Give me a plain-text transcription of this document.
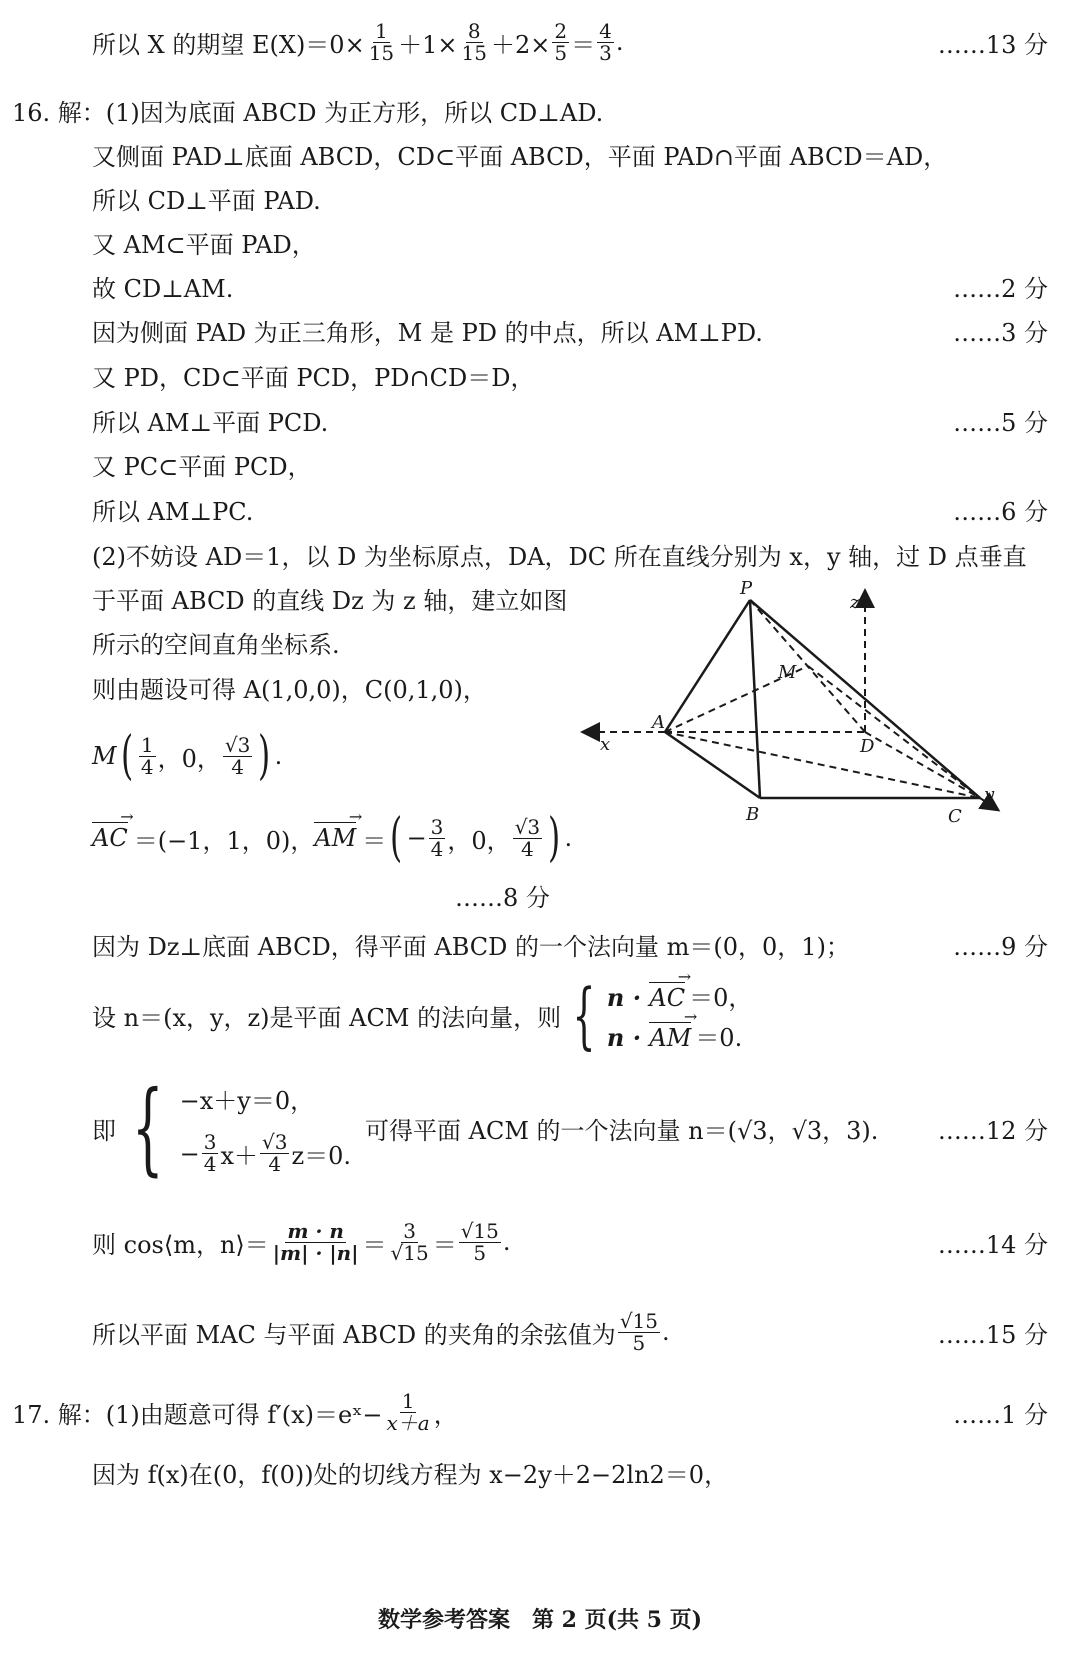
所以 X 的期望 $E(X)=0\times \frac{1}{15} +1\times \frac{8}{15} +2\times \frac{2}{5} = \frac{4}{3}$ .	……13 分
16. 解：(1)因为底面 ABCD 为正方形，所以 CD⊥AD.
又侧面 PAD⊥底面 ABCD，CD⊂平面 ABCD，平面 PAD∩平面 ABCD＝AD，
所以 CD⊥平面 PAD.
又 AM⊂平面 PAD，
故 CD⊥AM.	……2 分
因为侧面 PAD 为正三角形，M 是 PD 的中点，所以 AM⊥PD.	……3 分
又 PD，CD⊂平面 PCD，PD∩CD＝D，
所以 AM⊥平面 PCD.	……5 分
又 PC⊂平面 PCD，
所以 AM⊥PC.	……6 分
(2)不妨设 AD＝1，以 D 为坐标原点，DA，DC 所在直线分别为 x，y 轴，过 D 点垂直
于平面 ABCD 的直线 Dz 为 z 轴，建立如图
所示的空间直角坐标系.
则由题设可得 A(1,0,0)，C(0,1,0)，
M ( $\frac{1}{4}$ ，0， $\frac{√3}{4}$ ) .
→ AC ＝(−1，1，0)，
→ AM ＝ ( − $\frac{3}{4}$ ，0， $\frac{√3}{4}$ ) .
……8 分
因为 Dz⊥底面 ABCD，得平面 ABCD 的一个法向量 m＝(0，0，1)；	……9 分
设 n＝(x，y，z)是平面 ACM 的法向量，则 { n · → AC ＝0，
n · → AM ＝0.
即 { −x＋y＝0，
− $\frac{3}{4} x+ \frac{√3}{4} z=0$.
可得平面 ACM 的一个法向量 n＝(√3，√3，3). ……12 分
则 cos⟨m，n⟩＝ $\frac{m \cdot n}{|m| \cdot |n|} = \frac{3}{√15} = \frac{√15}{5}$ .	……14 分
所以平面 MAC 与平面 ABCD 的夹角的余弦值为 $\frac{√15}{5}$ .	……15 分
17. 解：(1)由题意可得 f′(x)＝eˣ− $\frac{1}{x+a}$ ，	……1 分
因为 f(x)在(0，f(0))处的切线方程为 x−2y＋2−2ln2＝0，
P
M
A
D
B	C
x
y
z
数学参考答案　第 2 页(共 5 页)
